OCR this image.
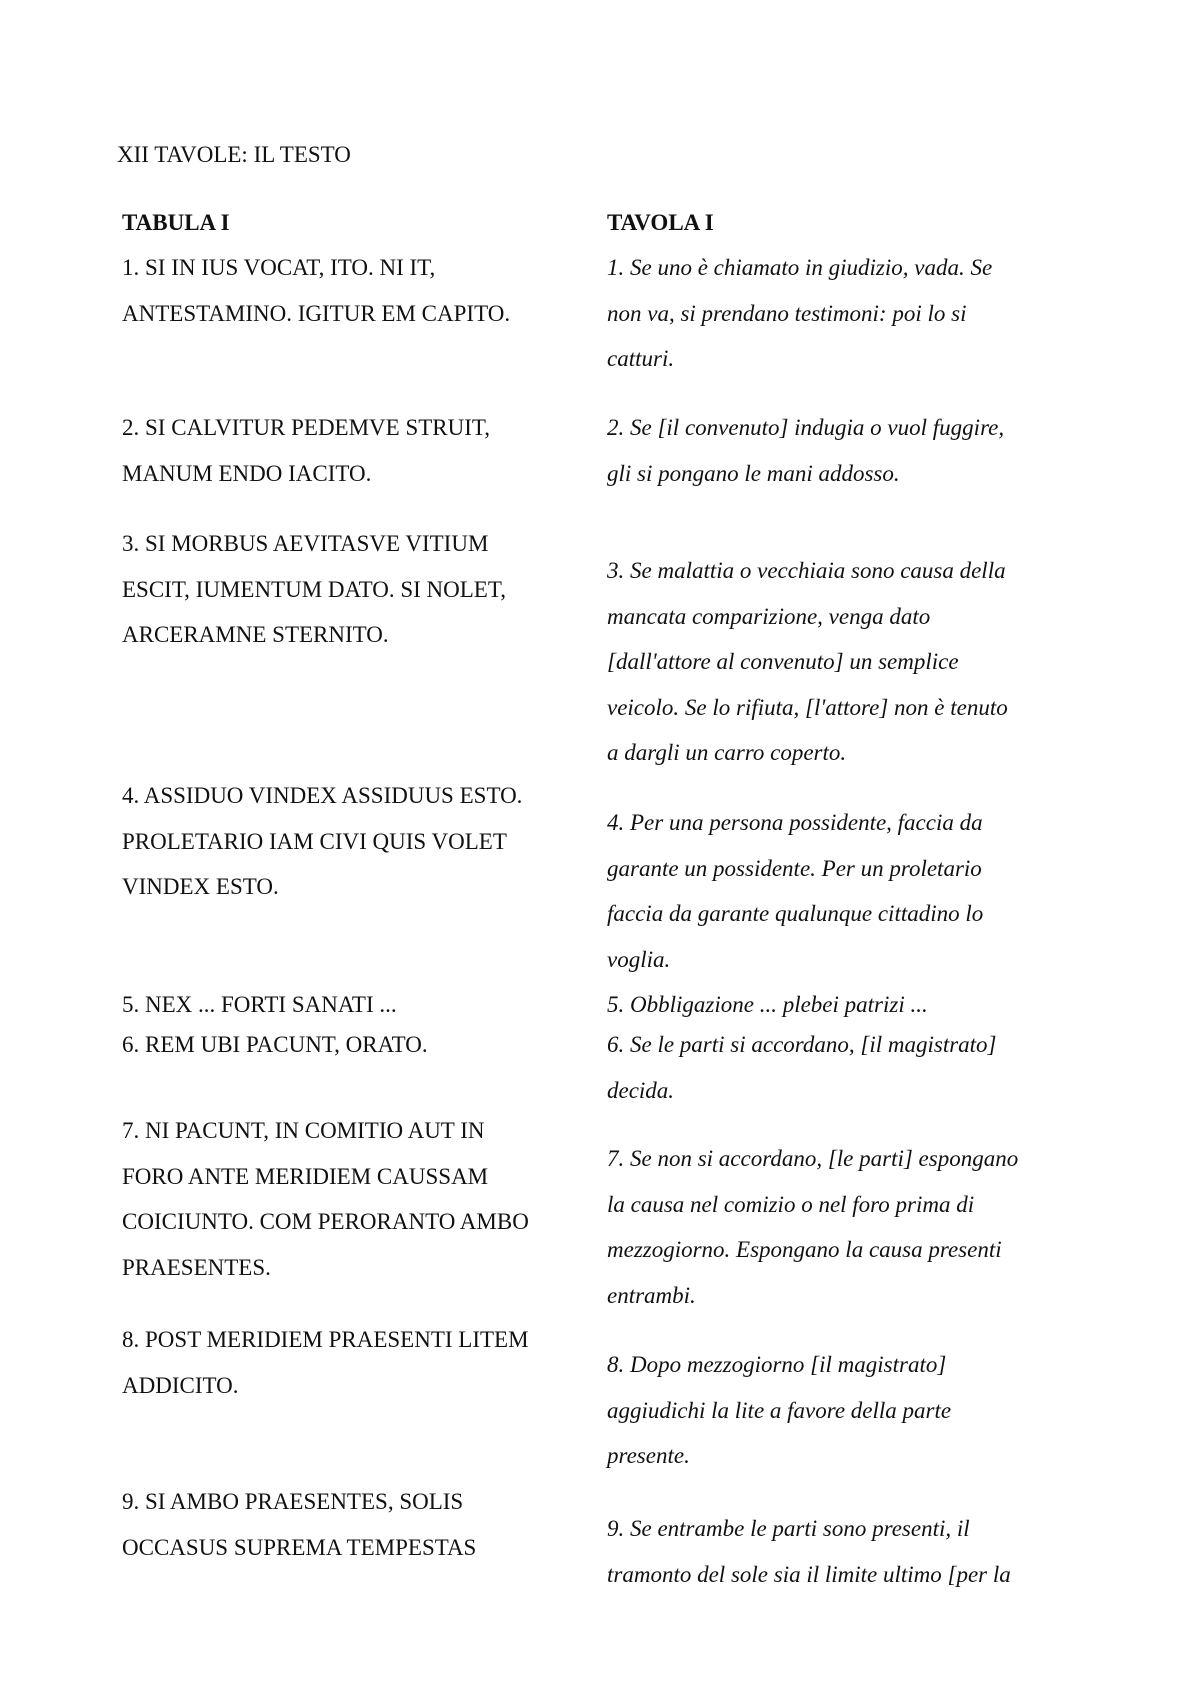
XII TAVOLE: IL TESTO
TABULA I	TAVOLA I
1. SI IN IUS VOCAT, ITO. NI IT,
ANTESTAMINO. IGITUR EM CAPITO.
2. SI CALVITUR PEDEMVE STRUIT,
MANUM ENDO IACITO.
3. SI MORBUS AEVITASVE VITIUM
ESCIT, IUMENTUM DATO. SI NOLET,
ARCERAMNE STERNITO.
4. ASSIDUO VINDEX ASSIDUUS ESTO.
PROLETARIO IAM CIVI QUIS VOLET
VINDEX ESTO.
5. NEX ... FORTI SANATI ...
6. REM UBI PACUNT, ORATO.
7. NI PACUNT, IN COMITIO AUT IN
FORO ANTE MERIDIEM CAUSSAM
COICIUNTO. COM PERORANTO AMBO
PRAESENTES.
8. POST MERIDIEM PRAESENTI LITEM
ADDICITO.
9. SI AMBO PRAESENTES, SOLIS
OCCASUS SUPREMA TEMPESTAS
1. Se uno è chiamato in giudizio, vada. Se
non va, si prendano testimoni: poi lo si
catturi.
2. Se [il convenuto] indugia o vuol fuggire,
gli si pongano le mani addosso.
3. Se malattia o vecchiaia sono causa della
mancata comparizione, venga dato
[dall'attore al convenuto] un semplice
veicolo. Se lo rifiuta, [l'attore] non è tenuto
a dargli un carro coperto.
4. Per una persona possidente, faccia da
garante un possidente. Per un proletario
faccia da garante qualunque cittadino lo
voglia.
5. Obbligazione ... plebei patrizi ...
6. Se le parti si accordano, [il magistrato]
decida.
7. Se non si accordano, [le parti] espongano
la causa nel comizio o nel foro prima di
mezzogiorno. Espongano la causa presenti
entrambi.
8. Dopo mezzogiorno [il magistrato]
aggiudichi la lite a favore della parte
presente.
9. Se entrambe le parti sono presenti, il
tramonto del sole sia il limite ultimo [per la
